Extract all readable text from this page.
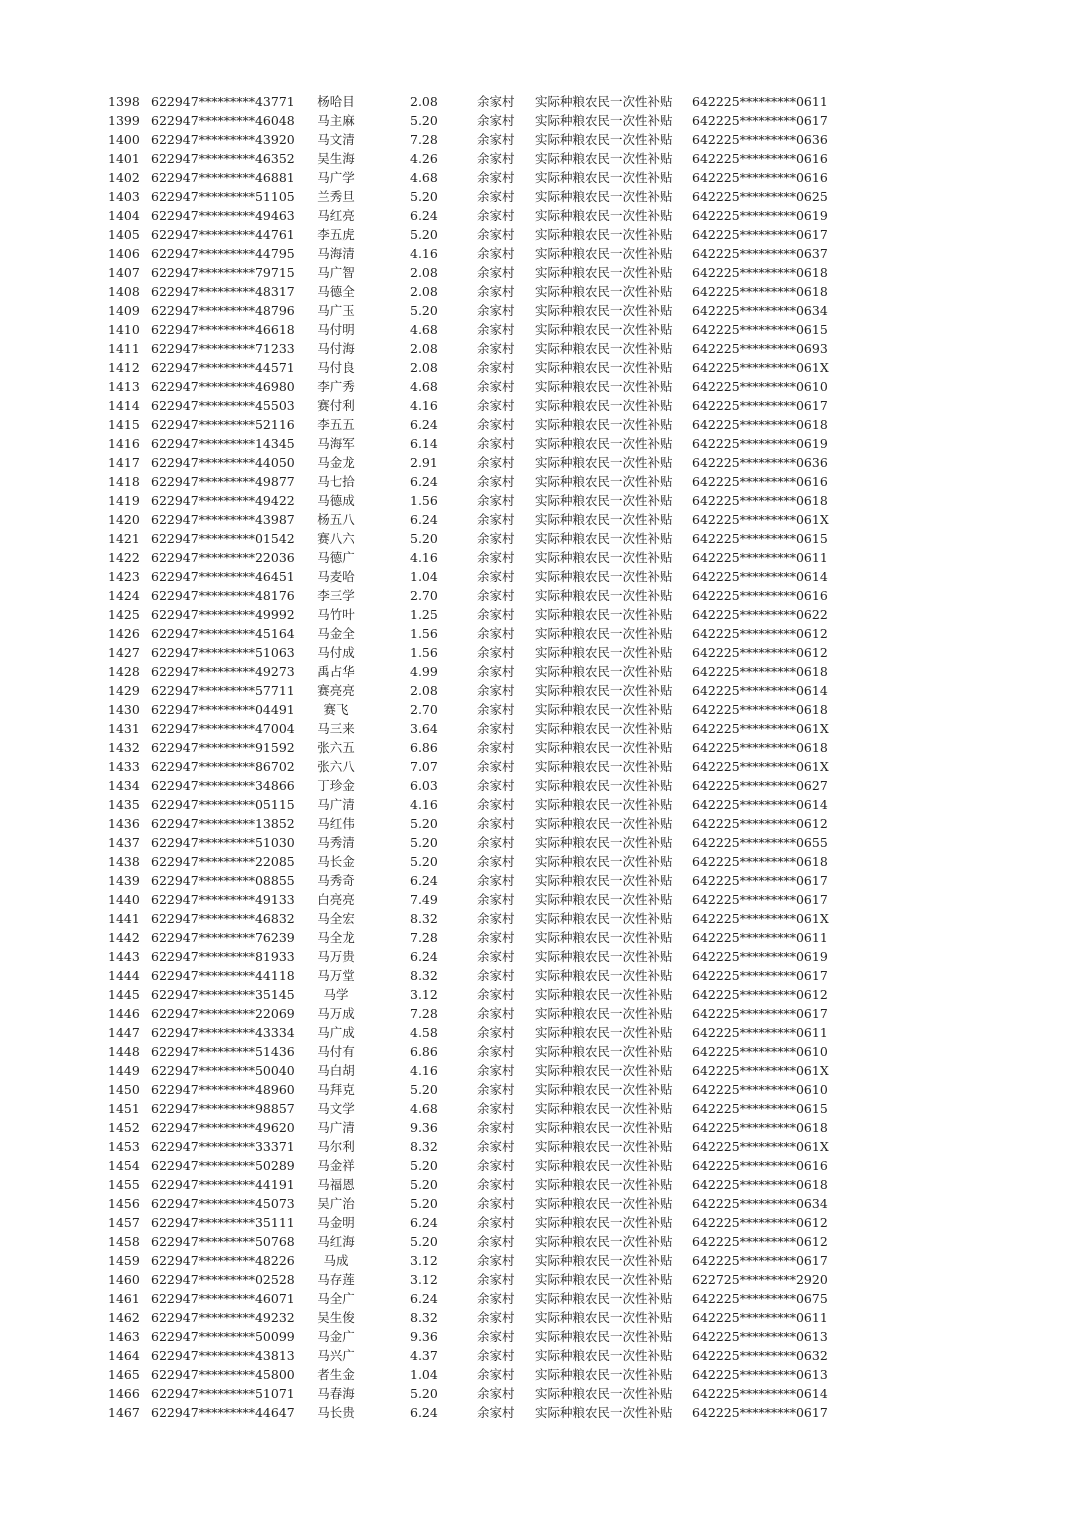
1398 622947*********43771	杨哈目	2.08	余家村	实际种粮农民一次性补贴	642225*********0611
1399 622947*********46048	马主麻	5.20	余家村	实际种粮农民一次性补贴	642225*********0617
1400 622947*********43920	马文清	7.28	余家村	实际种粮农民一次性补贴	642225*********0636
1401 622947*********46352	吴生海	4.26	余家村	实际种粮农民一次性补贴	642225*********0616
1402 622947*********46881	马广学	4.68	余家村	实际种粮农民一次性补贴	642225*********0616
1403 622947*********51105	兰秀旦	5.20	余家村	实际种粮农民一次性补贴	642225*********0625
1404 622947*********49463	马红亮	6.24	余家村	实际种粮农民一次性补贴	642225*********0619
1405 622947*********44761	李五虎	5.20	余家村	实际种粮农民一次性补贴	642225*********0617
1406 622947*********44795	马海清	4.16	余家村	实际种粮农民一次性补贴	642225*********0637
1407 622947*********79715	马广智	2.08	余家村	实际种粮农民一次性补贴	642225*********0618
1408 622947*********48317	马德全	2.08	余家村	实际种粮农民一次性补贴	642225*********0618
1409 622947*********48796	马广玉	5.20	余家村	实际种粮农民一次性补贴	642225*********0634
1410 622947*********46618	马付明	4.68	余家村	实际种粮农民一次性补贴	642225*********0615
1411 622947*********71233	马付海	2.08	余家村	实际种粮农民一次性补贴	642225*********0693
1412 622947*********44571	马付良	2.08	余家村	实际种粮农民一次性补贴	642225*********061X
1413 622947*********46980	李广秀	4.68	余家村	实际种粮农民一次性补贴	642225*********0610
1414 622947*********45503	赛付利	4.16	余家村	实际种粮农民一次性补贴	642225*********0617
1415 622947*********52116	李五五	6.24	余家村	实际种粮农民一次性补贴	642225*********0618
1416 622947*********14345	马海军	6.14	余家村	实际种粮农民一次性补贴	642225*********0619
1417 622947*********44050	马金龙	2.91	余家村	实际种粮农民一次性补贴	642225*********0636
1418 622947*********49877	马七拾	6.24	余家村	实际种粮农民一次性补贴	642225*********0616
1419 622947*********49422	马德成	1.56	余家村	实际种粮农民一次性补贴	642225*********0618
1420 622947*********43987	杨五八	6.24	余家村	实际种粮农民一次性补贴	642225*********061X
1421 622947*********01542	赛八六	5.20	余家村	实际种粮农民一次性补贴	642225*********0615
1422 622947*********22036	马德广	4.16	余家村	实际种粮农民一次性补贴	642225*********0611
1423 622947*********46451	马麦哈	1.04	余家村	实际种粮农民一次性补贴	642225*********0614
1424 622947*********48176	李三学	2.70	余家村	实际种粮农民一次性补贴	642225*********0616
1425 622947*********49992	马竹叶	1.25	余家村	实际种粮农民一次性补贴	642225*********0622
1426 622947*********45164	马金全	1.56	余家村	实际种粮农民一次性补贴	642225*********0612
1427 622947*********51063	马付成	1.56	余家村	实际种粮农民一次性补贴	642225*********0612
1428 622947*********49273	禹占华	4.99	余家村	实际种粮农民一次性补贴	642225*********0618
1429 622947*********57711	赛亮亮	2.08	余家村	实际种粮农民一次性补贴	642225*********0614
1430 622947*********04491	赛飞	2.70	余家村	实际种粮农民一次性补贴	642225*********0618
1431 622947*********47004	马三来	3.64	余家村	实际种粮农民一次性补贴	642225*********061X
1432 622947*********91592	张六五	6.86	余家村	实际种粮农民一次性补贴	642225*********0618
1433 622947*********86702	张六八	7.07	余家村	实际种粮农民一次性补贴	642225*********061X
1434 622947*********34866	丁珍金	6.03	余家村	实际种粮农民一次性补贴	642225*********0627
1435 622947*********05115	马广清	4.16	余家村	实际种粮农民一次性补贴	642225*********0614
1436 622947*********13852	马红伟	5.20	余家村	实际种粮农民一次性补贴	642225*********0612
1437 622947*********51030	马秀清	5.20	余家村	实际种粮农民一次性补贴	642225*********0655
1438 622947*********22085	马长金	5.20	余家村	实际种粮农民一次性补贴	642225*********0618
1439 622947*********08855	马秀奇	6.24	余家村	实际种粮农民一次性补贴	642225*********0617
1440 622947*********49133	白亮亮	7.49	余家村	实际种粮农民一次性补贴	642225*********0617
1441 622947*********46832	马全宏	8.32	余家村	实际种粮农民一次性补贴	642225*********061X
1442 622947*********76239	马全龙	7.28	余家村	实际种粮农民一次性补贴	642225*********0611
1443 622947*********81933	马万贵	6.24	余家村	实际种粮农民一次性补贴	642225*********0619
1444 622947*********44118	马万堂	8.32	余家村	实际种粮农民一次性补贴	642225*********0617
1445 622947*********35145	马学	3.12	余家村	实际种粮农民一次性补贴	642225*********0612
1446 622947*********22069	马万成	7.28	余家村	实际种粮农民一次性补贴	642225*********0617
1447 622947*********43334	马广成	4.58	余家村	实际种粮农民一次性补贴	642225*********0611
1448 622947*********51436	马付有	6.86	余家村	实际种粮农民一次性补贴	642225*********0610
1449 622947*********50040	马白胡	4.16	余家村	实际种粮农民一次性补贴	642225*********061X
1450 622947*********48960	马拜克	5.20	余家村	实际种粮农民一次性补贴	642225*********0610
1451 622947*********98857	马文学	4.68	余家村	实际种粮农民一次性补贴	642225*********0615
1452 622947*********49620	马广清	9.36	余家村	实际种粮农民一次性补贴	642225*********0618
1453 622947*********33371	马尔利	8.32	余家村	实际种粮农民一次性补贴	642225*********061X
1454 622947*********50289	马金祥	5.20	余家村	实际种粮农民一次性补贴	642225*********0616
1455 622947*********44191	马福恩	5.20	余家村	实际种粮农民一次性补贴	642225*********0618
1456 622947*********45073	吴广治	5.20	余家村	实际种粮农民一次性补贴	642225*********0634
1457 622947*********35111	马金明	6.24	余家村	实际种粮农民一次性补贴	642225*********0612
1458 622947*********50768	马红海	5.20	余家村	实际种粮农民一次性补贴	642225*********0612
1459 622947*********48226	马成	3.12	余家村	实际种粮农民一次性补贴	642225*********0617
1460 622947*********02528	马存莲	3.12	余家村	实际种粮农民一次性补贴	622725*********2920
1461 622947*********46071	马全广	6.24	余家村	实际种粮农民一次性补贴	642225*********0675
1462 622947*********49232	吴生俊	8.32	余家村	实际种粮农民一次性补贴	642225*********0611
1463 622947*********50099	马金广	9.36	余家村	实际种粮农民一次性补贴	642225*********0613
1464 622947*********43813	马兴广	4.37	余家村	实际种粮农民一次性补贴	642225*********0632
1465 622947*********45800	者生金	1.04	余家村	实际种粮农民一次性补贴	642225*********0613
1466 622947*********51071	马春海	5.20	余家村	实际种粮农民一次性补贴	642225*********0614
1467 622947*********44647	马长贵	6.24	余家村	实际种粮农民一次性补贴	642225*********0617
